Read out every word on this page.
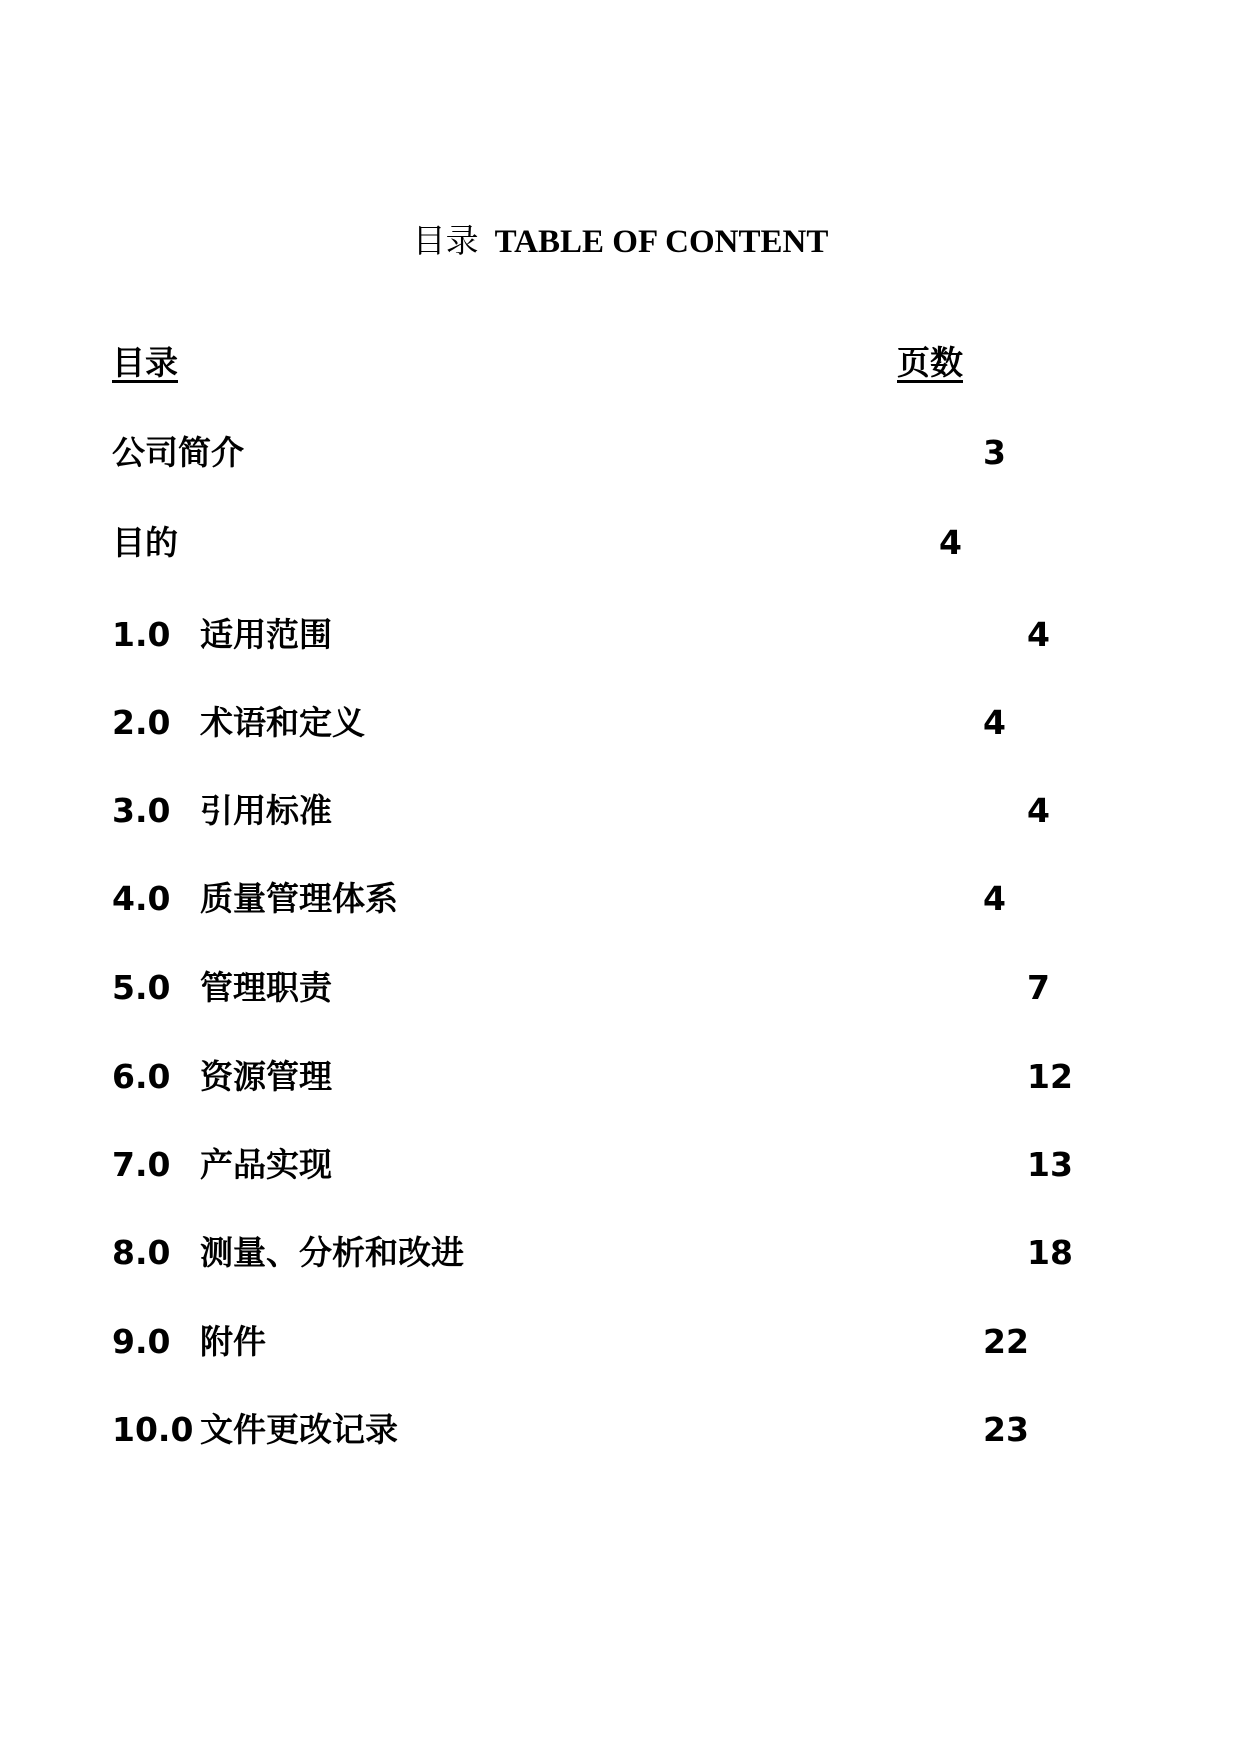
目录 TABLE OF CONTENT
目录	页数
公司简介	3
目的	4
1.0 适用范围	4
2.0 术语和定义	4
3.0 引用标准	4
4.0 质量管理体系	4
5.0 管理职责	7
6.0 资源管理	12
7.0 产品实现	13
8.0 测量、分析和改进	18
9.0 附件	22
10.0 文件更改记录	23
